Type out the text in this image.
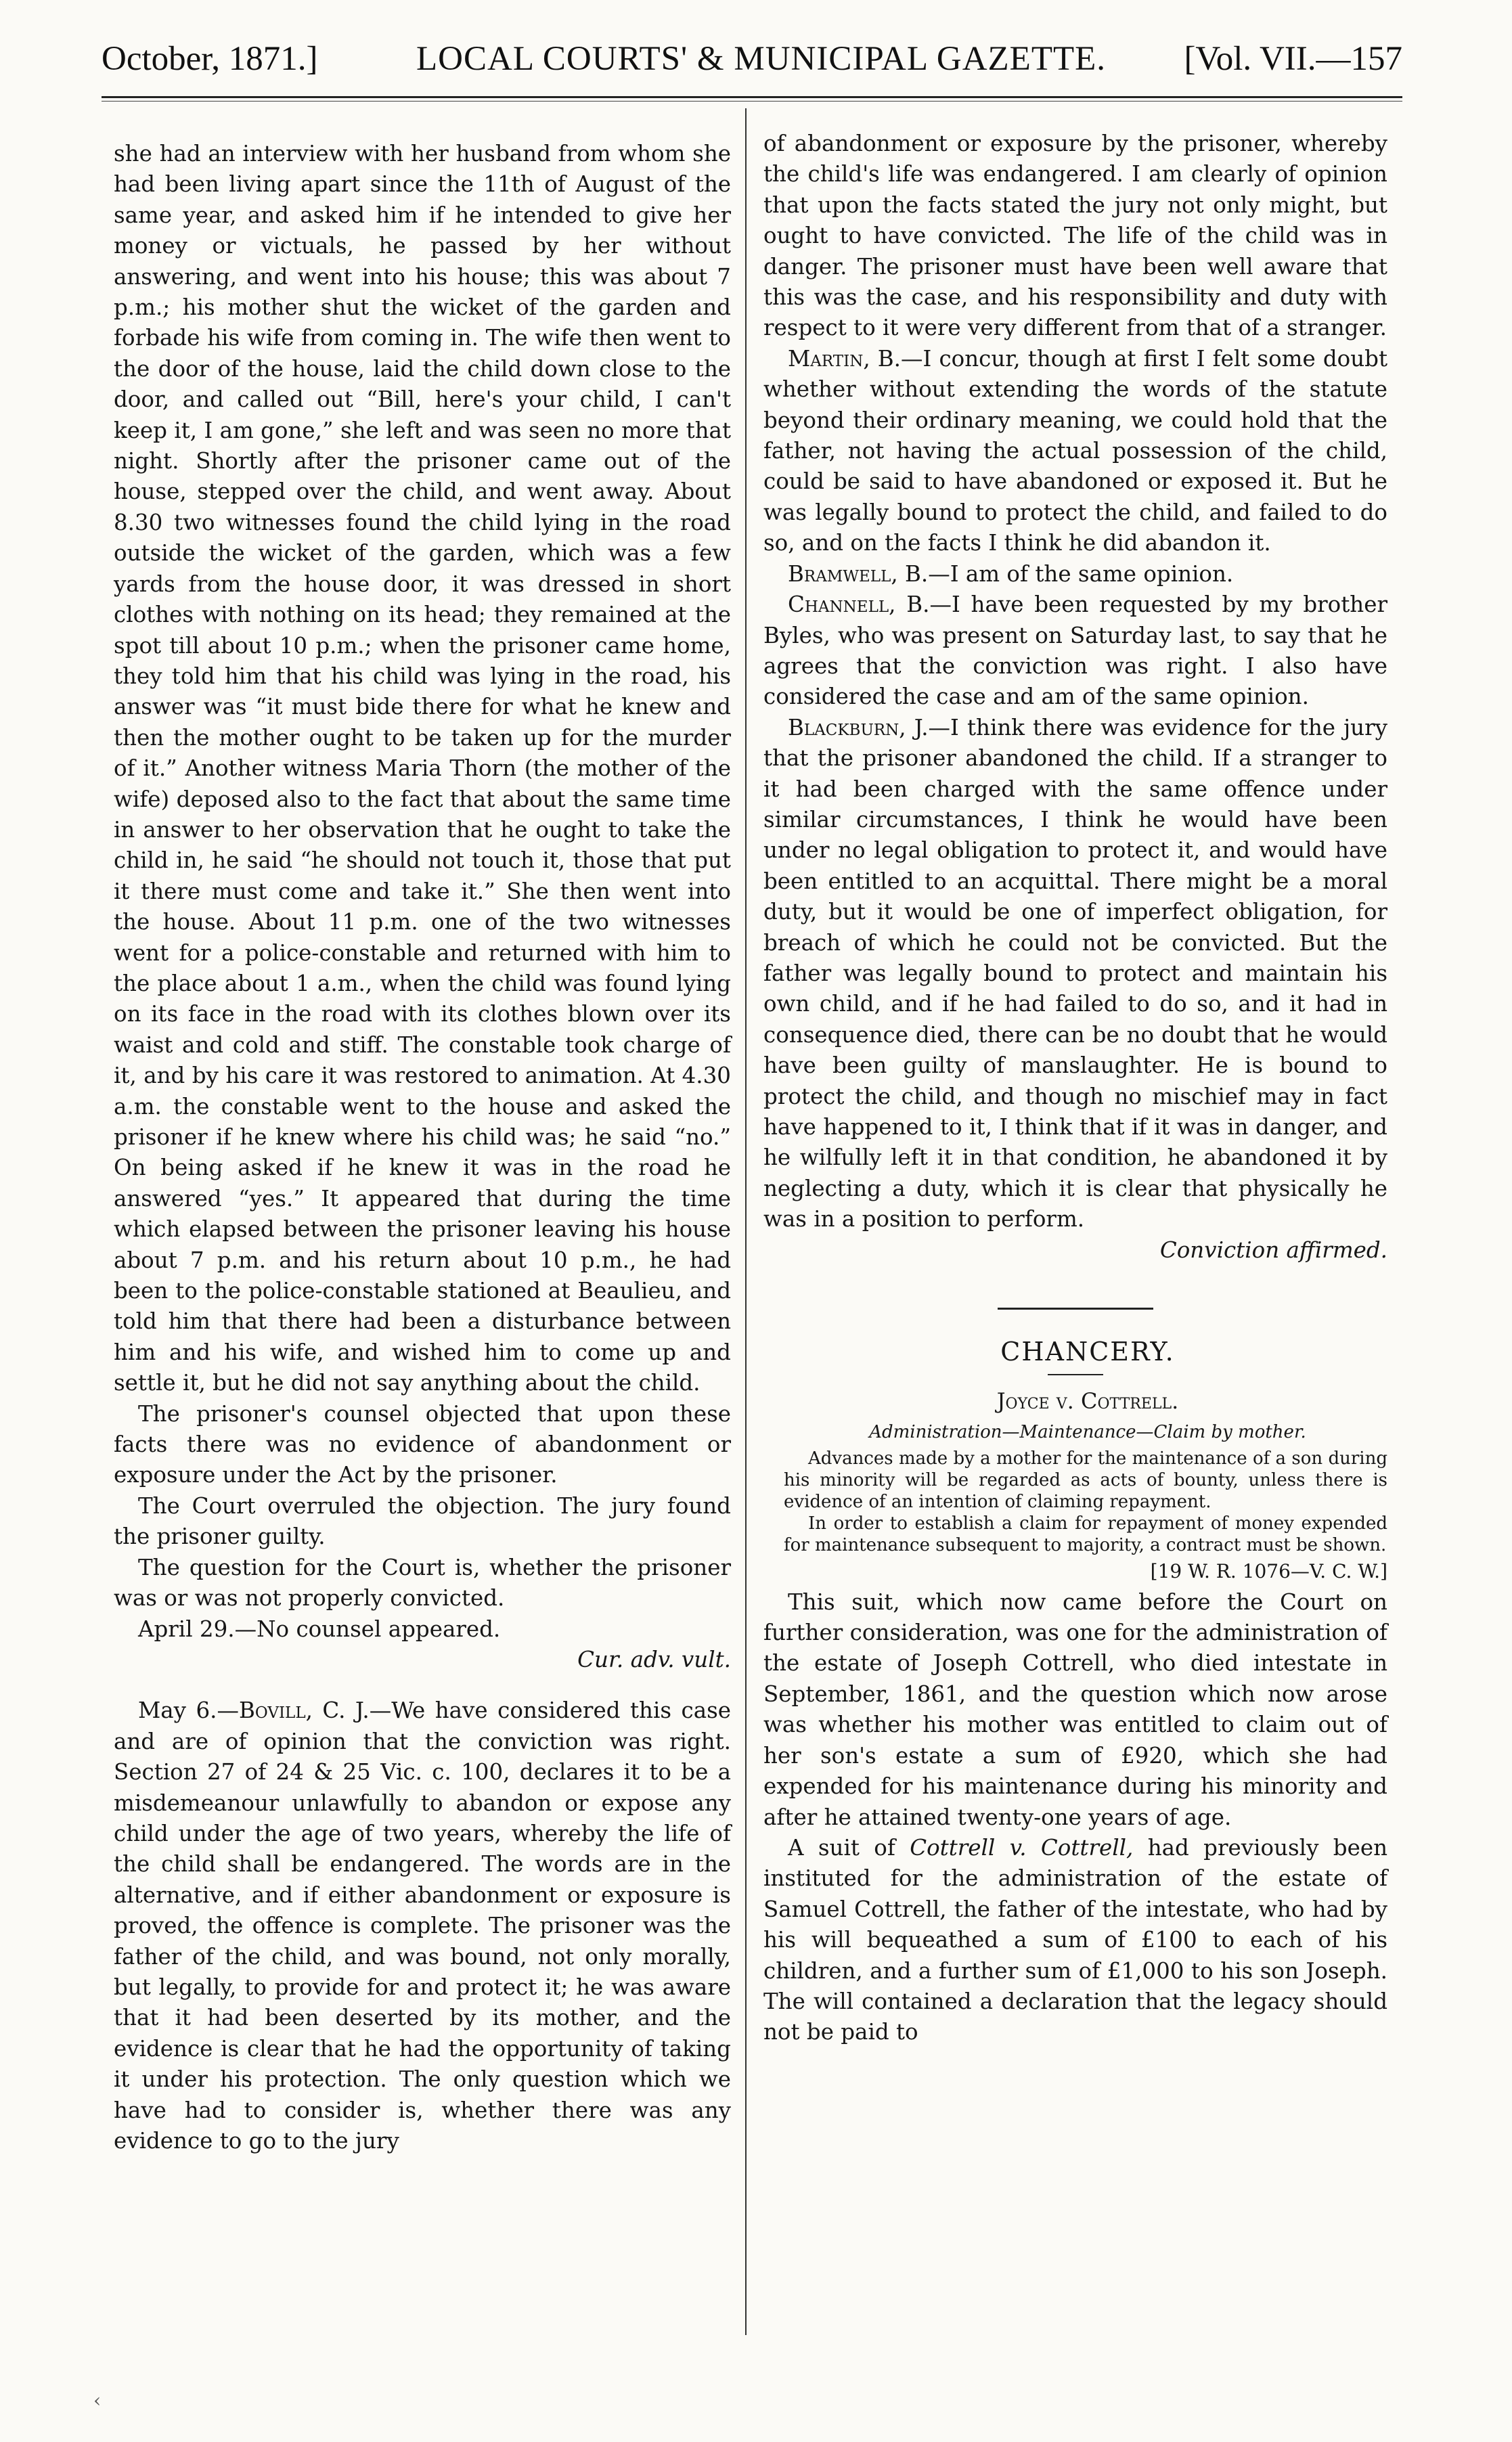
October, 1871.]	LOCAL COURTS' & MUNICIPAL GAZETTE. [Vol. VII.—157

she had an interview with her husband from whom she had been living apart since the 11th of August of the same year, and asked him if he intended to give her money or victuals, he passed by her without answering, and went into his house; this was about 7 p.m.; his mother shut the wicket of the garden and forbade his wife from coming in. The wife then went to the door of the house, laid the child down close to the door, and called out “Bill, here's your child, I can't keep it, I am gone,” she left and was seen no more that night. Shortly after the prisoner came out of the house, stepped over the child, and went away. About 8.30 two witnesses found the child lying in the road outside the wicket of the garden, which was a few yards from the house door, it was dressed in short clothes with nothing on its head; they remained at the spot till about 10 p.m.; when the prisoner came home, they told him that his child was lying in the road, his answer was “it must bide there for what he knew and then the mother ought to be taken up for the murder of it.” Another witness Maria Thorn (the mother of the wife) deposed also to the fact that about the same time in answer to her observation that he ought to take the child in, he said “he should not touch it, those that put it there must come and take it.” She then went into the house. About 11 p.m. one of the two witnesses went for a police-constable and returned with him to the place about 1 a.m., when the child was found lying on its face in the road with its clothes blown over its waist and cold and stiff. The constable took charge of it, and by his care it was restored to animation. At 4.30 a.m. the constable went to the house and asked the prisoner if he knew where his child was; he said “no.” On being asked if he knew it was in the road he answered “yes.” It appeared that during the time which elapsed between the prisoner leaving his house about 7 p.m. and his return about 10 p.m., he had been to the police-constable stationed at Beaulieu, and told him that there had been a disturbance between him and his wife, and wished him to come up and settle it, but he did not say anything about the child.

The prisoner's counsel objected that upon these facts there was no evidence of abandonment or exposure under the Act by the prisoner.

The Court overruled the objection. The jury found the prisoner guilty.

The question for the Court is, whether the prisoner was or was not properly convicted.

April 29.—No counsel appeared.

Cur. adv. vult.

May 6.—Bovill, C. J.—We have considered this case and are of opinion that the conviction was right. Section 27 of 24 & 25 Vic. c. 100, declares it to be a misdemeanour unlawfully to abandon or expose any child under the age of two years, whereby the life of the child shall be endangered. The words are in the alternative, and if either abandonment or exposure is proved, the offence is complete. The prisoner was the father of the child, and was bound, not only morally, but legally, to provide for and protect it; he was aware that it had been deserted by its mother, and the evidence is clear that he had the opportunity of taking it under his protection. The only question which we have had to consider is, whether there was any evidence to go to the jury

of abandonment or exposure by the prisoner, whereby the child's life was endangered. I am clearly of opinion that upon the facts stated the jury not only might, but ought to have convicted. The life of the child was in danger. The prisoner must have been well aware that this was the case, and his responsibility and duty with respect to it were very different from that of a stranger.

Martin, B.—I concur, though at first I felt some doubt whether without extending the words of the statute beyond their ordinary meaning, we could hold that the father, not having the actual possession of the child, could be said to have abandoned or exposed it. But he was legally bound to protect the child, and failed to do so, and on the facts I think he did abandon it.

Bramwell, B.—I am of the same opinion.

Channell, B.—I have been requested by my brother Byles, who was present on Saturday last, to say that he agrees that the conviction was right. I also have considered the case and am of the same opinion.

Blackburn, J.—I think there was evidence for the jury that the prisoner abandoned the child. If a stranger to it had been charged with the same offence under similar circumstances, I think he would have been under no legal obligation to protect it, and would have been entitled to an acquittal. There might be a moral duty, but it would be one of imperfect obligation, for breach of which he could not be convicted. But the father was legally bound to protect and maintain his own child, and if he had failed to do so, and it had in consequence died, there can be no doubt that he would have been guilty of manslaughter. He is bound to protect the child, and though no mischief may in fact have happened to it, I think that if it was in danger, and he wilfully left it in that condition, he abandoned it by neglecting a duty, which it is clear that physically he was in a position to perform.

Conviction affirmed.

CHANCERY.

Joyce v. Cottrell.

Administration—Maintenance—Claim by mother.

Advances made by a mother for the maintenance of a son during his minority will be regarded as acts of bounty, unless there is evidence of an intention of claiming repayment.

In order to establish a claim for repayment of money expended for maintenance subsequent to majority, a contract must be shown.

[19 W. R. 1076—V. C. W.]

This suit, which now came before the Court on further consideration, was one for the administration of the estate of Joseph Cottrell, who died intestate in September, 1861, and the question which now arose was whether his mother was entitled to claim out of her son's estate a sum of £920, which she had expended for his maintenance during his minority and after he attained twenty-one years of age.

A suit of Cottrell v. Cottrell, had previously been instituted for the administration of the estate of Samuel Cottrell, the father of the intestate, who had by his will bequeathed a sum of £100 to each of his children, and a further sum of £1,000 to his son Joseph. The will contained a declaration that the legacy should not be paid to

‹
